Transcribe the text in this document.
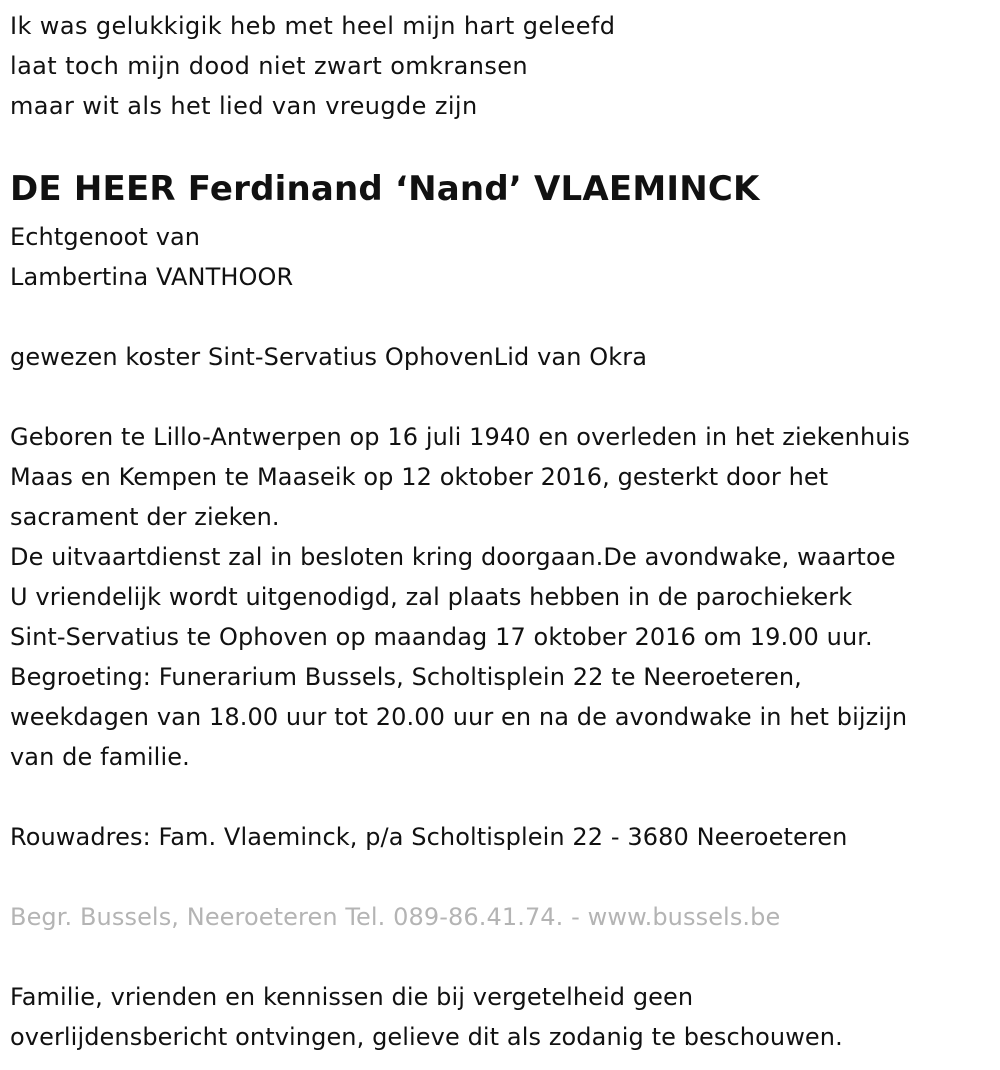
Ik was gelukkigik heb met heel mijn hart geleefd
laat toch mijn dood niet zwart omkransen
maar wit als het lied van vreugde zijn
DE HEER Ferdinand ‘Nand’ VLAEMINCK
Echtgenoot van
Lambertina VANTHOOR
gewezen koster Sint-Servatius OphovenLid van Okra
Geboren te Lillo-Antwerpen op 16 juli 1940 en overleden in het ziekenhuis
Maas en Kempen te Maaseik op 12 oktober 2016, gesterkt door het
sacrament der zieken.
De uitvaartdienst zal in besloten kring doorgaan.De avondwake, waartoe
U vriendelijk wordt uitgenodigd, zal plaats hebben in de parochiekerk
Sint-Servatius te Ophoven op maandag 17 oktober 2016 om 19.00 uur.
Begroeting: Funerarium Bussels, Scholtisplein 22 te Neeroeteren,
weekdagen van 18.00 uur tot 20.00 uur en na de avondwake in het bijzijn
van de familie.
Rouwadres: Fam. Vlaeminck, p/a Scholtisplein 22 - 3680 Neeroeteren
Begr. Bussels, Neeroeteren Tel. 089-86.41.74. - www.bussels.be
Familie, vrienden en kennissen die bij vergetelheid geen
overlijdensbericht ontvingen, gelieve dit als zodanig te beschouwen.
